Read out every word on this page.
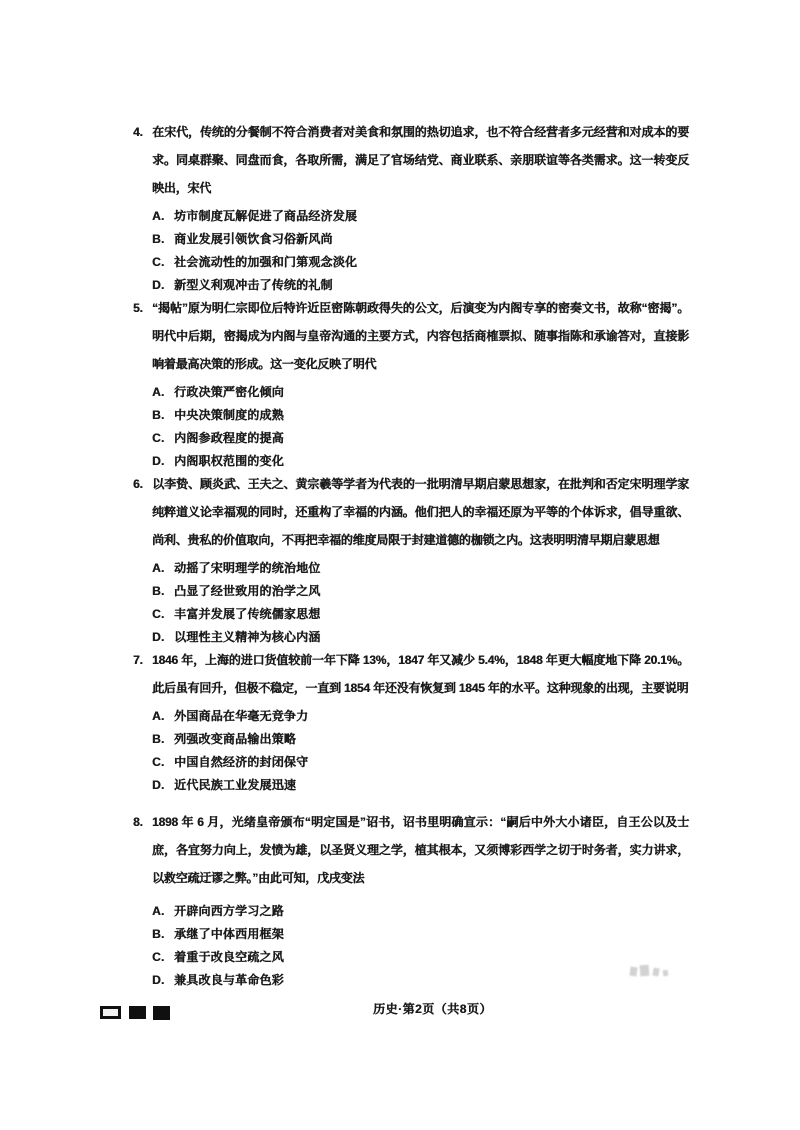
4. 在宋代，传统的分餐制不符合消费者对美食和氛围的热切追求，也不符合经营者多元经营和对成本的要求。同桌群聚、同盘而食，各取所需，满足了官场结党、商业联系、亲朋联谊等各类需求。这一转变反映出，宋代
A. 坊市制度瓦解促进了商品经济发展
B. 商业发展引领饮食习俗新风尚
C. 社会流动性的加强和门第观念淡化
D. 新型义利观冲击了传统的礼制
5. “揭帖”原为明仁宗即位后特许近臣密陈朝政得失的公文，后演变为内阁专享的密奏文书，故称“密揭”。明代中后期，密揭成为内阁与皇帝沟通的主要方式，内容包括商榷票拟、随事指陈和承谕答对，直接影响着最高决策的形成。这一变化反映了明代
A. 行政决策严密化倾向
B. 中央决策制度的成熟
C. 内阁参政程度的提高
D. 内阁职权范围的变化
6. 以李贽、顾炎武、王夫之、黄宗羲等学者为代表的一批明清早期启蒙思想家，在批判和否定宋明理学家纯粹道义论幸福观的同时，还重构了幸福的内涵。他们把人的幸福还原为平等的个体诉求，倡导重欲、尚利、贵私的价值取向，不再把幸福的维度局限于封建道德的枷锁之内。这表明明清早期启蒙思想
A. 动摇了宋明理学的统治地位
B. 凸显了经世致用的治学之风
C. 丰富并发展了传统儒家思想
D. 以理性主义精神为核心内涵
7. 1846 年，上海的进口货值较前一年下降 13%，1847 年又减少 5.4%，1848 年更大幅度地下降 20.1%。此后虽有回升，但极不稳定，一直到 1854 年还没有恢复到 1845 年的水平。这种现象的出现，主要说明
A. 外国商品在华毫无竞争力
B. 列强改变商品输出策略
C. 中国自然经济的封闭保守
D. 近代民族工业发展迅速
8. 1898 年 6 月，光绪皇帝颁布“明定国是”诏书，诏书里明确宣示：“嗣后中外大小诸臣，自王公以及士庶，各宜努力向上，发愤为雄，以圣贤义理之学，植其根本，又须博彩西学之切于时务者，实力讲求，以救空疏迂谬之弊。”由此可知，戊戌变法
A. 开辟向西方学习之路
B. 承继了中体西用框架
C. 着重于改良空疏之风
D. 兼具改良与革命色彩
历史·第2页（共8页）
